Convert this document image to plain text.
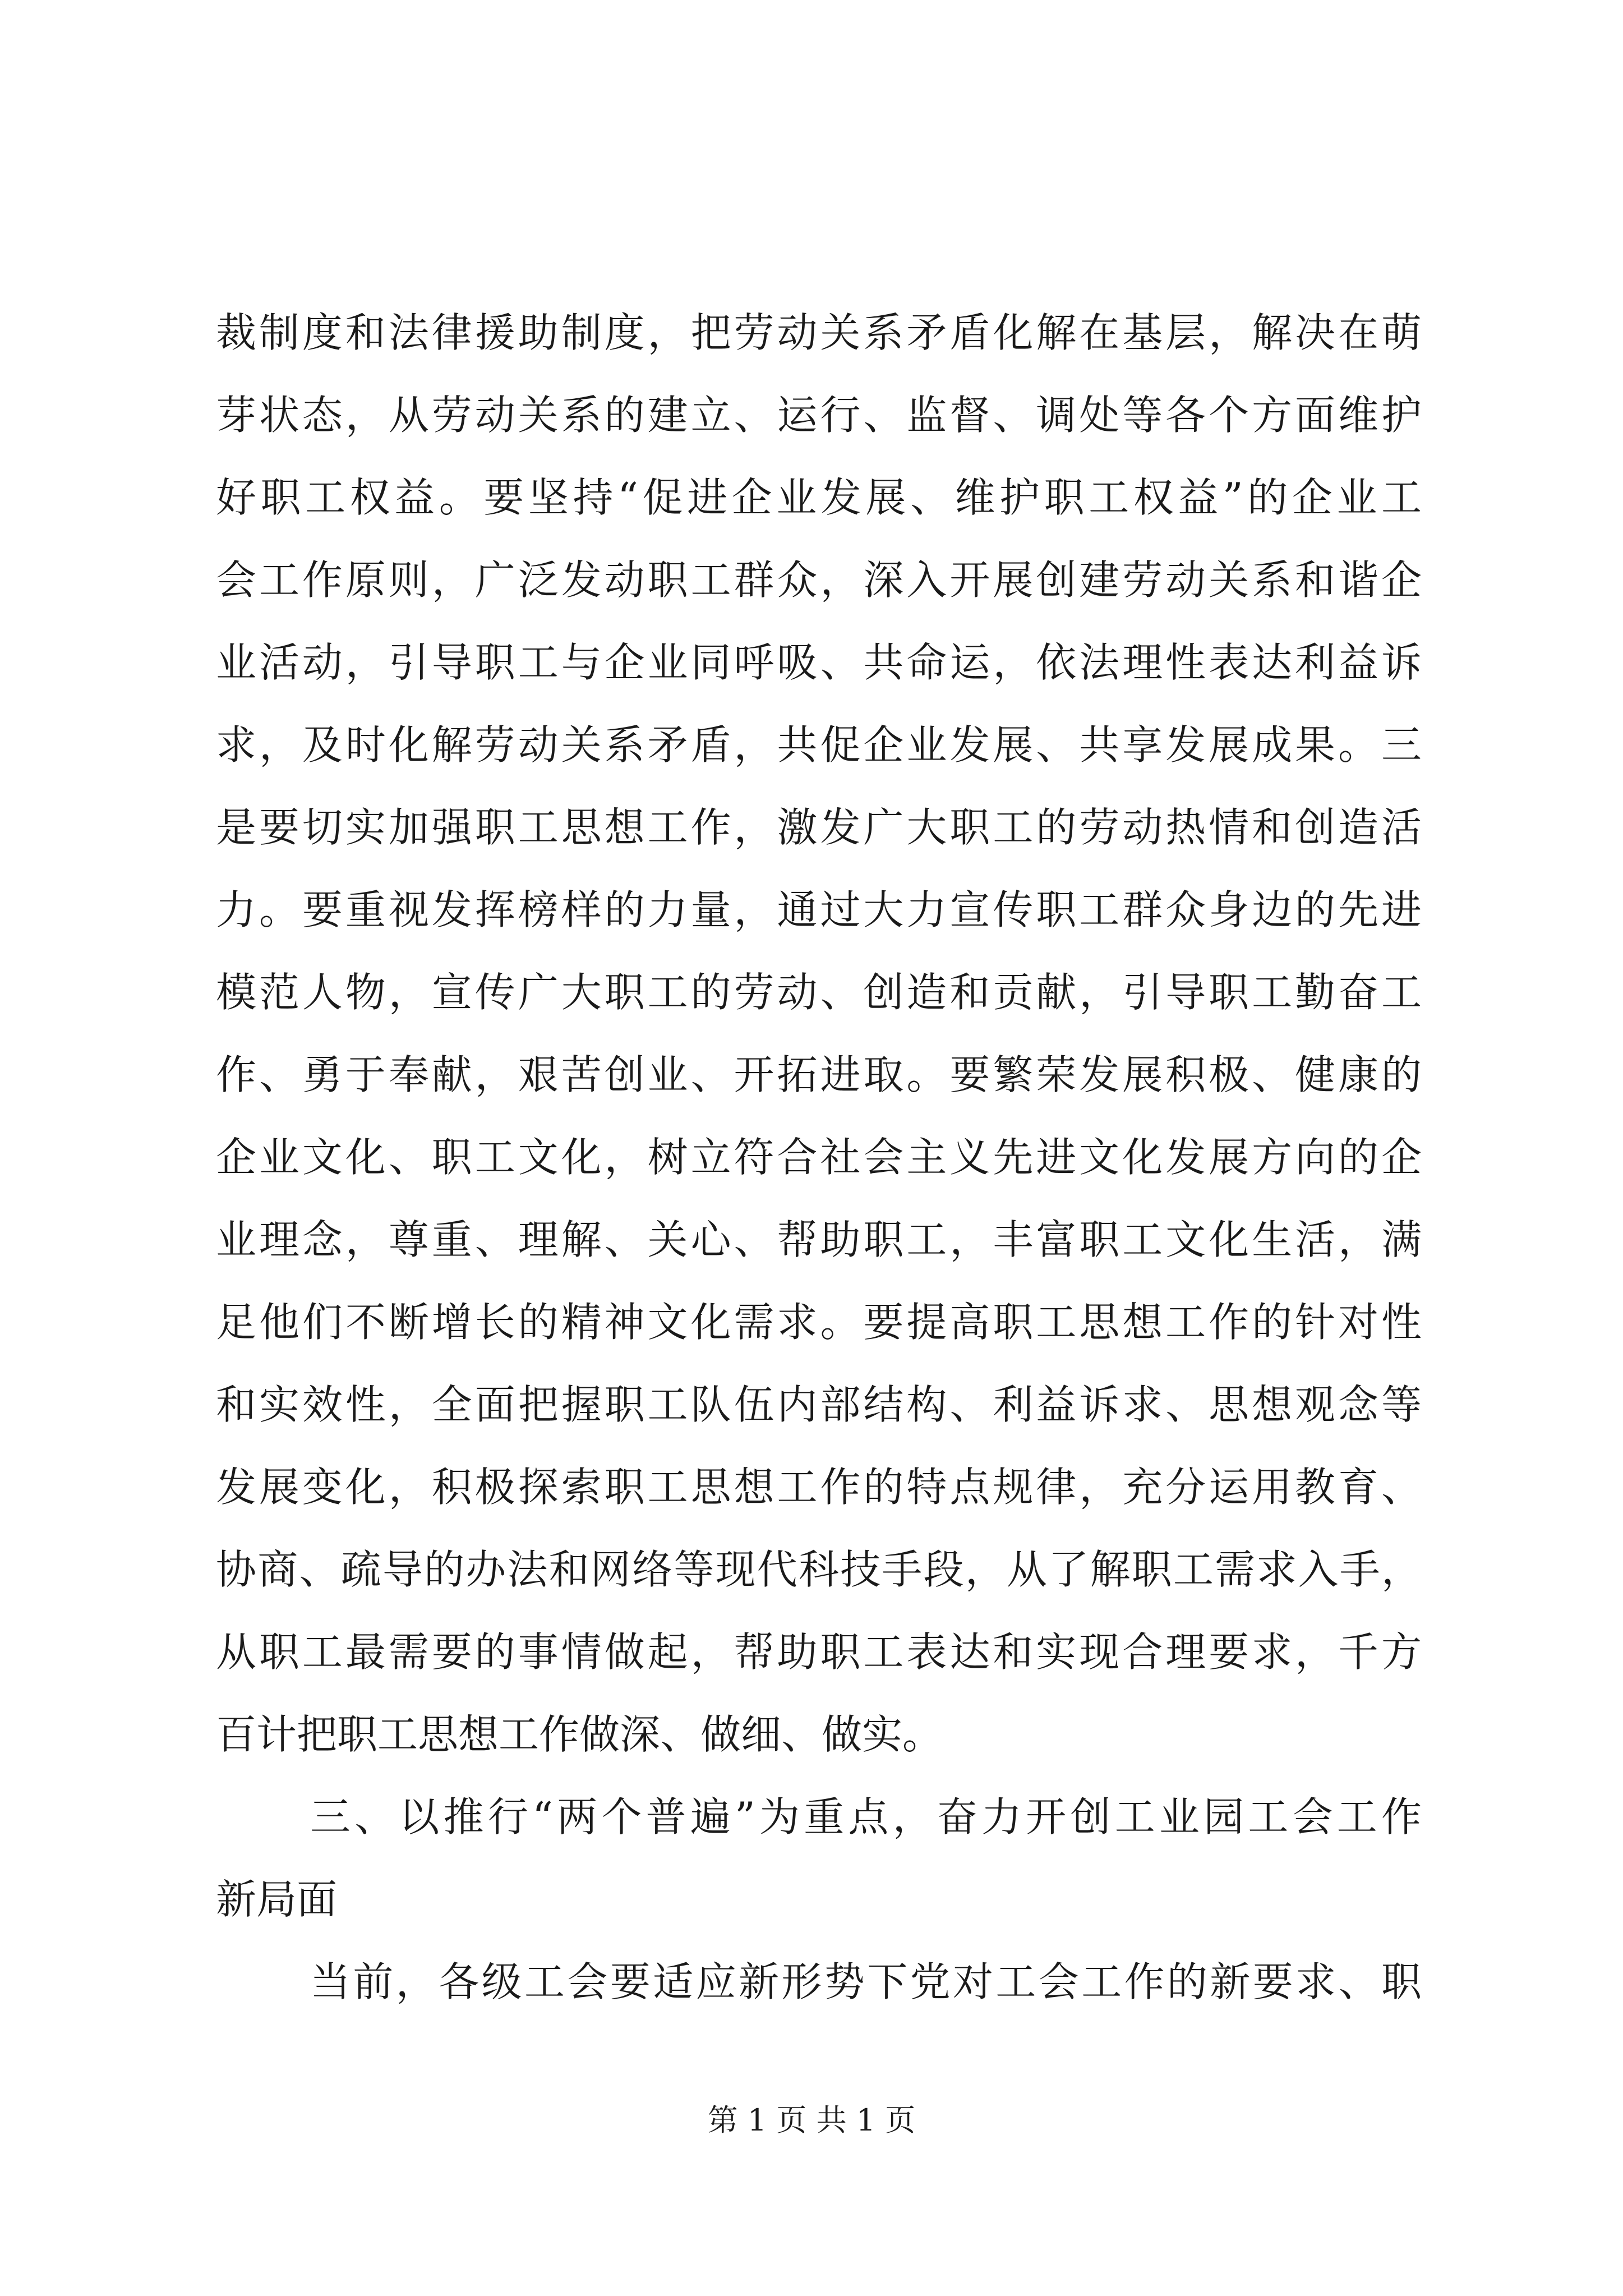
裁制度和法律援助制度，把劳动关系矛盾化解在基层，解决在萌
芽状态，从劳动关系的建立、运行、监督、调处等各个方面维护
好职工权益。要坚持“促进企业发展、维护职工权益”的企业工
会工作原则，广泛发动职工群众，深入开展创建劳动关系和谐企
业活动，引导职工与企业同呼吸、共命运，依法理性表达利益诉
求，及时化解劳动关系矛盾，共促企业发展、共享发展成果。三
是要切实加强职工思想工作，激发广大职工的劳动热情和创造活
力。要重视发挥榜样的力量，通过大力宣传职工群众身边的先进
模范人物，宣传广大职工的劳动、创造和贡献，引导职工勤奋工
作、勇于奉献，艰苦创业、开拓进取。要繁荣发展积极、健康的
企业文化、职工文化，树立符合社会主义先进文化发展方向的企
业理念，尊重、理解、关心、帮助职工，丰富职工文化生活，满
足他们不断增长的精神文化需求。要提高职工思想工作的针对性
和实效性，全面把握职工队伍内部结构、利益诉求、思想观念等
发展变化，积极探索职工思想工作的特点规律，充分运用教育、
协商、疏导的办法和网络等现代科技手段，从了解职工需求入手，
从职工最需要的事情做起，帮助职工表达和实现合理要求，千方
百计把职工思想工作做深、做细、做实。
三、以推行“两个普遍”为重点，奋力开创工业园工会工作
新局面
当前，各级工会要适应新形势下党对工会工作的新要求、职
第 1 页 共 1 页
